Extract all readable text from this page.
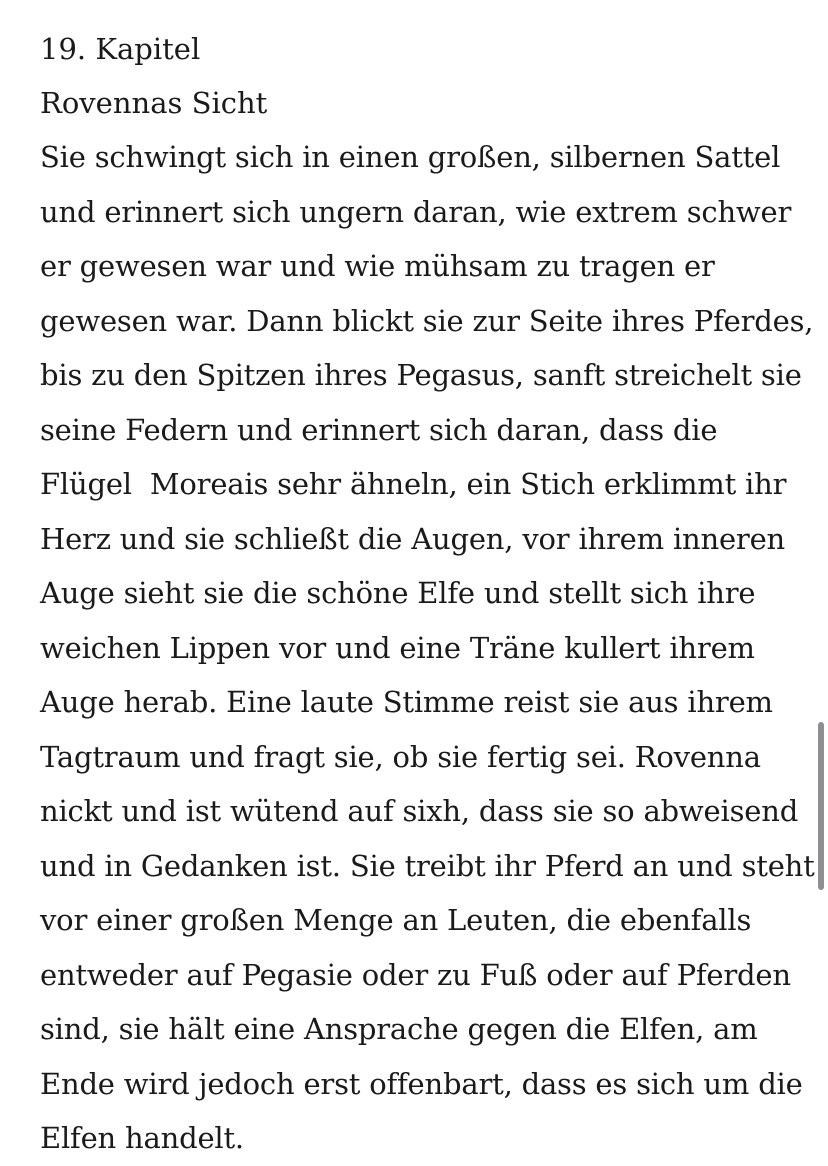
19. Kapitel
Rovennas Sicht
Sie schwingt sich in einen großen, silbernen Sattel
und erinnert sich ungern daran, wie extrem schwer
er gewesen war und wie mühsam zu tragen er
gewesen war. Dann blickt sie zur Seite ihres Pferdes,
bis zu den Spitzen ihres Pegasus, sanft streichelt sie
seine Federn und erinnert sich daran, dass die
Flügel  Moreais sehr ähneln, ein Stich erklimmt ihr
Herz und sie schließt die Augen, vor ihrem inneren
Auge sieht sie die schöne Elfe und stellt sich ihre
weichen Lippen vor und eine Träne kullert ihrem
Auge herab. Eine laute Stimme reist sie aus ihrem
Tagtraum und fragt sie, ob sie fertig sei. Rovenna
nickt und ist wütend auf sixh, dass sie so abweisend
und in Gedanken ist. Sie treibt ihr Pferd an und steht
vor einer großen Menge an Leuten, die ebenfalls
entweder auf Pegasie oder zu Fuß oder auf Pferden
sind, sie hält eine Ansprache gegen die Elfen, am
Ende wird jedoch erst offenbart, dass es sich um die
Elfen handelt.
